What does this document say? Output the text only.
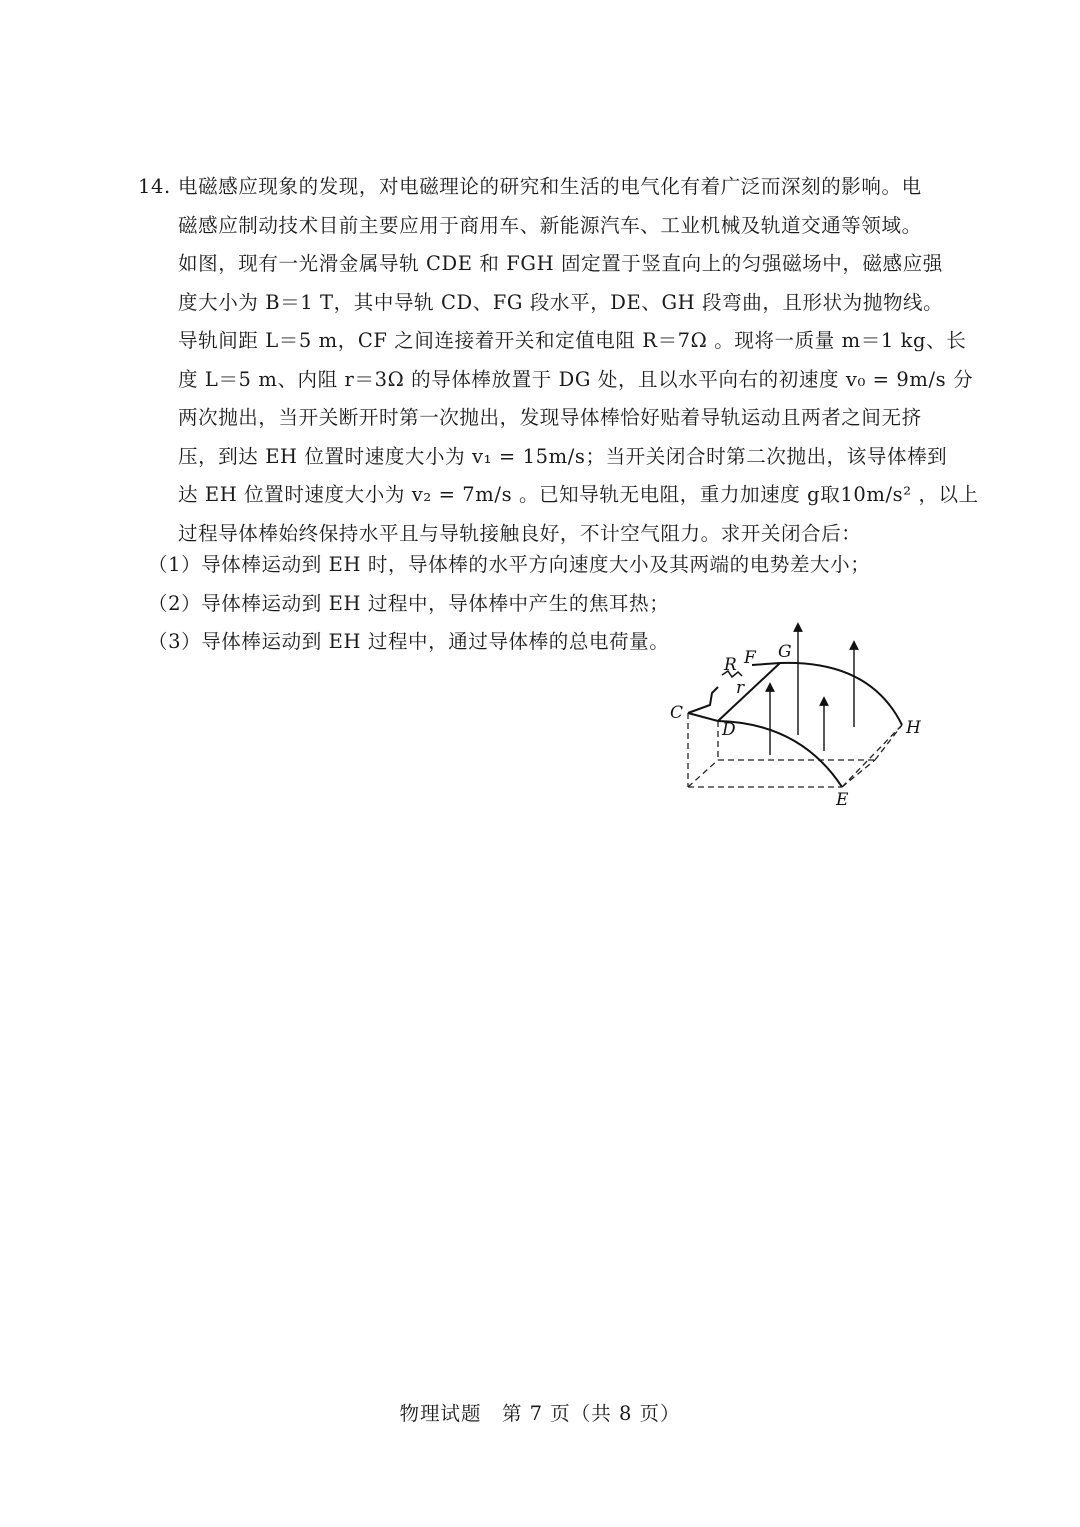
14. 电磁感应现象的发现，对电磁理论的研究和生活的电气化有着广泛而深刻的影响。电
磁感应制动技术目前主要应用于商用车、新能源汽车、工业机械及轨道交通等领域。
如图，现有一光滑金属导轨 CDE 和 FGH 固定置于竖直向上的匀强磁场中，磁感应强
度大小为 B＝1 T，其中导轨 CD、FG 段水平，DE、GH 段弯曲，且形状为抛物线。
导轨间距 L＝5 m，CF 之间连接着开关和定值电阻 R＝7Ω 。现将一质量 m＝1 kg、长
度 L＝5 m、内阻 r＝3Ω 的导体棒放置于 DG 处，且以水平向右的初速度 v₀ = 9m/s 分
两次抛出，当开关断开时第一次抛出，发现导体棒恰好贴着导轨运动且两者之间无挤
压，到达 EH 位置时速度大小为 v₁ = 15m/s；当开关闭合时第二次抛出，该导体棒到
达 EH 位置时速度大小为 v₂ = 7m/s 。已知导轨无电阻，重力加速度 g取10m/s² ，以上
过程导体棒始终保持水平且与导轨接触良好，不计空气阻力。求开关闭合后：
（1）导体棒运动到 EH 时，导体棒的水平方向速度大小及其两端的电势差大小；
（2）导体棒运动到 EH 过程中，导体棒中产生的焦耳热；
（3）导体棒运动到 EH 过程中，通过导体棒的总电荷量。
C
D
E
F G
H
R
r
物理试题　第 7 页（共 8 页）
